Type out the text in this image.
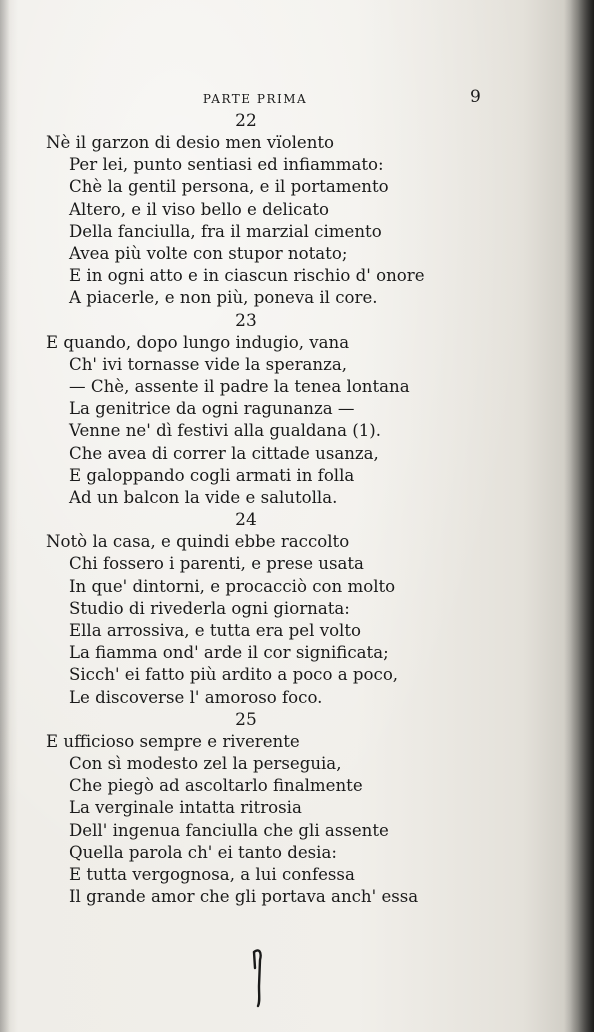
PARTE PRIMA	9
22
Nè il garzon di desio men vïolento
Per lei, punto sentiasi ed infiammato:
Chè la gentil persona, e il portamento
Altero, e il viso bello e delicato
Della fanciulla, fra il marzial cimento
Avea più volte con stupor notato;
E in ogni atto e in ciascun rischio d' onore
A piacerle, e non più, poneva il core.
23
E quando, dopo lungo indugio, vana
Ch' ivi tornasse vide la speranza,
— Chè, assente il padre la tenea lontana
La genitrice da ogni ragunanza —
Venne ne' dì festivi alla gualdana (1).
Che avea di correr la cittade usanza,
E galoppando cogli armati in folla
Ad un balcon la vide e salutolla.
24
Notò la casa, e quindi ebbe raccolto
Chi fossero i parenti, e prese usata
In que' dintorni, e procacciò con molto
Studio di rivederla ogni giornata:
Ella arrossiva, e tutta era pel volto
La fiamma ond' arde il cor significata;
Sicch' ei fatto più ardito a poco a poco,
Le discoverse l' amoroso foco.
25
E ufficioso sempre e riverente
Con sì modesto zel la perseguia,
Che piegò ad ascoltarlo finalmente
La verginale intatta ritrosia
Dell' ingenua fanciulla che gli assente
Quella parola ch' ei tanto desia:
E tutta vergognosa, a lui confessa
Il grande amor che gli portava anch' essa
